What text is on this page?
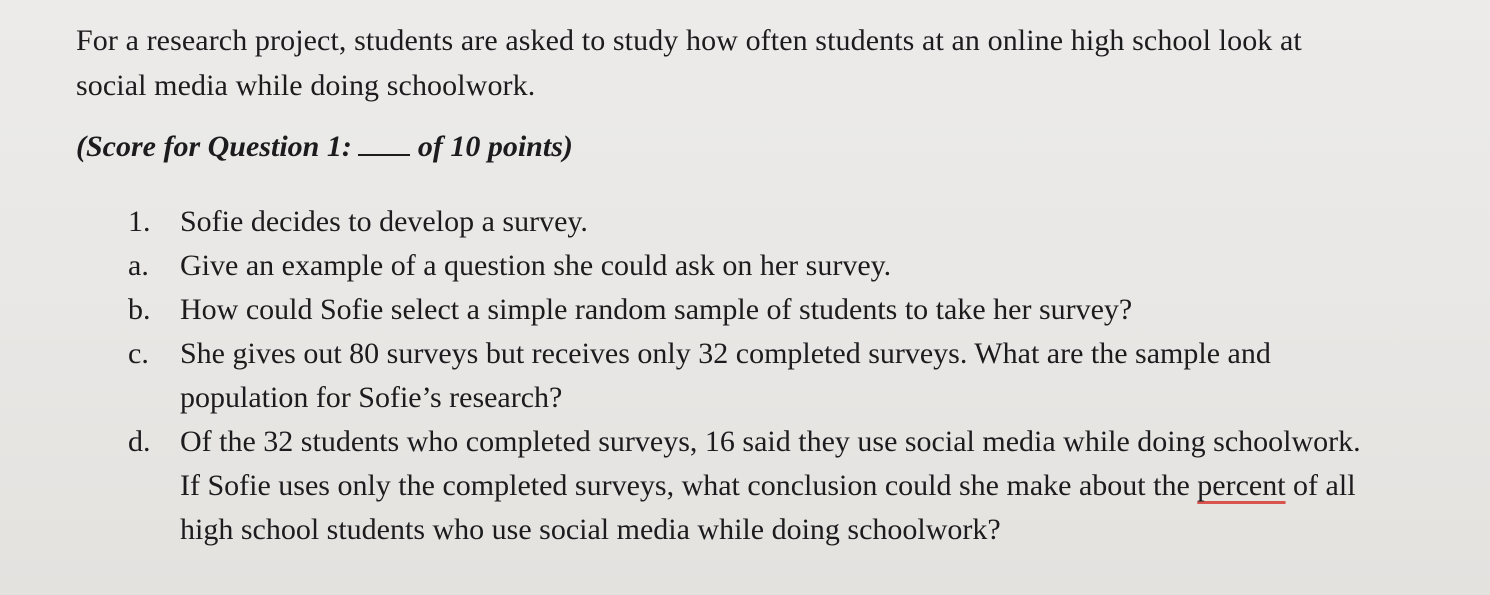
For a research project, students are asked to study how often students at an online high school look at social media while doing schoolwork.
(Score for Question 1: of 10 points)
1. Sofie decides to develop a survey.
a.	Give an example of a question she could ask on her survey.
b. How could Sofie select a simple random sample of students to take her survey?
c.	She gives out 80 surveys but receives only 32 completed surveys. What are the sample and population for Sofie’s research?
d. Of the 32 students who completed surveys, 16 said they use social media while doing schoolwork. If Sofie uses only the completed surveys, what conclusion could she make about the percent of all high school students who use social media while doing schoolwork?
